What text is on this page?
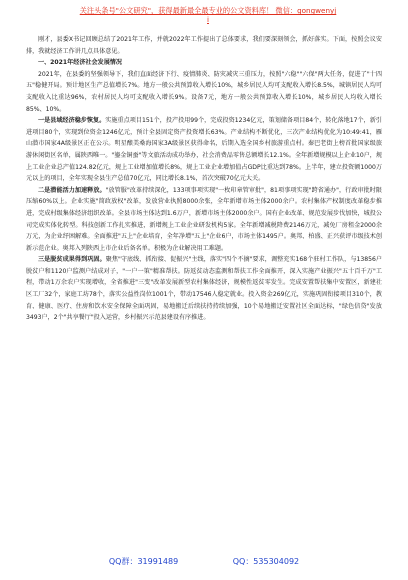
关注头条号"公文研究"，获得最新最全最专业的公文资料库！ 微信：gongwenyj
i

刚才，县委X书记回顾总结了2021年工作，并就2022年工作提出了总体要求，我们要深刻领会，抓好落实。下面，按照会议安排，我就经济工作讲几点具体意见。

一、2021年经济社会发展情况

2021年，在县委的坚强领导下，我们直面经济下行、疫情肺炎、防灾减灾三重压力，按照"六稳""六保"两大任务，促进了"十四五"稳健开局。预计地区生产总值增长7%。地方一般公共预算收入增长10%，城乡居民人均可支配收入增长8.5%，城镇居民人均可支配收入比重达96%，农村居民人均可支配收入增长9%。设备7元，地方一般公共预算收入增长10%，城乡居民人均收入增长85%、10%。

一是县域经济稳步恢复。实施重点项目151个，投产投用99个，完成投资1234亿元，策划储备项目84个，转化落地17个，新引进项目80个，实现到位资金1246亿元，预计全县固定资产投资增长63%。产业结构不断优化，三次产业结构优化为10:49:41，雁山潜市国家4A级景区正在公示。明星酿美桑海国家3A级景区获得命名，后期入选全国乡村旅游重点村。秦巴老街上榜首批国家级旅游休闲街区名单，属陕西唯一。"鎏金铜蚕"等文旅活动成功举办，社会消费品零售总额增长12.1%。全年新增规模以上企业10户，规上工业企业总产值124.82亿元，规上工业增加值增长8%，规上工业企业增加值占GDP比重达到78%。上半年，建立投资额1000万元以上的项目，全年实现全县生产总值70亿元，同比增长8.1%，首次突破70亿元大关。

二是潜能活力加速释放。"放管服"改革持续深化，133项事项实现"一枚印章管审批"，81项事项实现"跨省通办"，行政审批时限压缩60%以上。企业实施"简政放权"改革，发放营业执照8000余张，全年新增市场主体2000余户。农村集体产权制度改革稳步推进，完成村级集体经济组织改革。全县市场主体达到1.6万户，新增市场主体2000余户。国有企业改革、规范发展步伐加快，城投公司完成实体化转型。科技创新工作扎实推进，新增规上工业企业研发机构5家。全年新增减税降费2146万元，减免厂房租金2000余万元，为企业纾困解难。全面推进"五上"企业培育，全年净增"五上"企业6户，市场主体1495户。奥邦、柏盛、正兴获评市级技术创新示范企业。奥邦入列陕西上市企业后备名单。积极为企业解决用工难题。

三是脱贫成果得到巩固。聚焦"守底线、抓衔接、促振兴"主线，落实"四个不摘"要求，调整充实168个驻村工作队，与13856户脱贫户和1120户监测户结成对子，"一户一策"精准帮扶。防返贫动态监测和帮扶工作全面推开，深入实施产业振兴"五十百千万"工程，带动1万余农户实现增收，全省推进"三变"改革发展新型农村集体经济，规模性返贫零发生。完成安置帮扶集中安置区，新建社区工厂32个，家庭工坊78个，落实公益性岗位1001个，带动17546人稳定就业。投入资金269亿元，实施巩固衔接项目310个，教育、健康、医疗、住房和饮水安全保障全面巩固，易地搬迁后续扶持持续加强，10个易地搬迁安置社区全面达标，"绿色信贷"发放3493户，2个"共享餐厅"投入运营，乡村振兴示范县建设有序推进。

QQ群：31991489	QQ：535304092
